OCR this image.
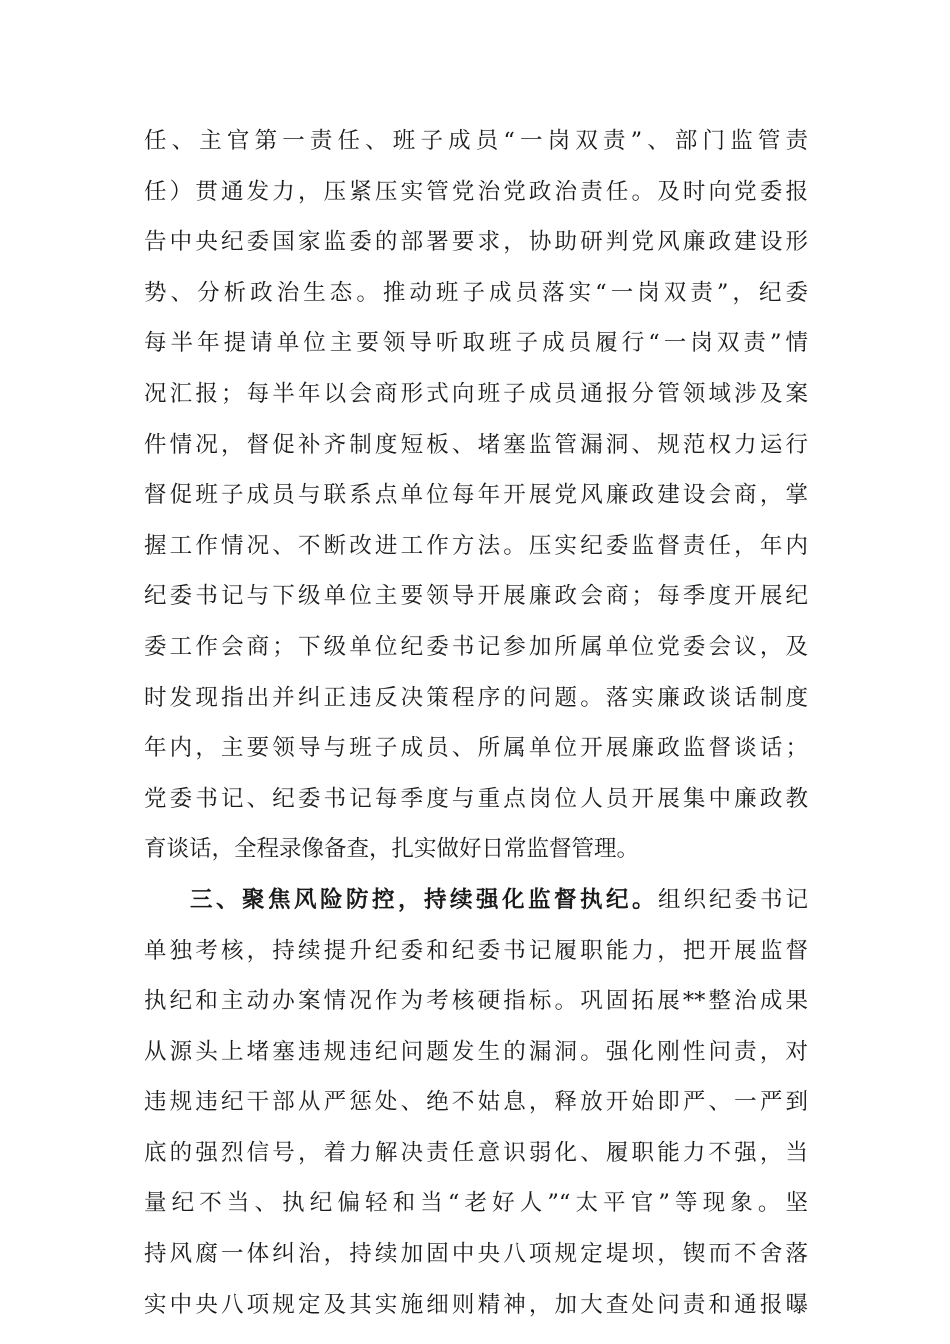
任、主官第一责任、班子成员“一岗双责”、部门监管责
任）贯通发力，压紧压实管党治党政治责任。及时向党委报
告中央纪委国家监委的部署要求，协助研判党风廉政建设形
势、分析政治生态。推动班子成员落实“一岗双责”，纪委
每半年提请单位主要领导听取班子成员履行“一岗双责”情
况汇报；每半年以会商形式向班子成员通报分管领域涉及案
件情况，督促补齐制度短板、堵塞监管漏洞、规范权力运行
督促班子成员与联系点单位每年开展党风廉政建设会商，掌
握工作情况、不断改进工作方法。压实纪委监督责任，年内
纪委书记与下级单位主要领导开展廉政会商；每季度开展纪
委工作会商；下级单位纪委书记参加所属单位党委会议，及
时发现指出并纠正违反决策程序的问题。落实廉政谈话制度
年内，主要领导与班子成员、所属单位开展廉政监督谈话；
党委书记、纪委书记每季度与重点岗位人员开展集中廉政教
育谈话，全程录像备查，扎实做好日常监督管理。
三、聚焦风险防控，持续强化监督执纪。组织纪委书记
单独考核，持续提升纪委和纪委书记履职能力，把开展监督
执纪和主动办案情况作为考核硬指标。巩固拓展**整治成果
从源头上堵塞违规违纪问题发生的漏洞。强化刚性问责，对
违规违纪干部从严惩处、绝不姑息，释放开始即严、一严到
底的强烈信号，着力解决责任意识弱化、履职能力不强，当
量纪不当、执纪偏轻和当“老好人”“太平官”等现象。坚
持风腐一体纠治，持续加固中央八项规定堤坝，锲而不舍落
实中央八项规定及其实施细则精神，加大查处问责和通报曝
